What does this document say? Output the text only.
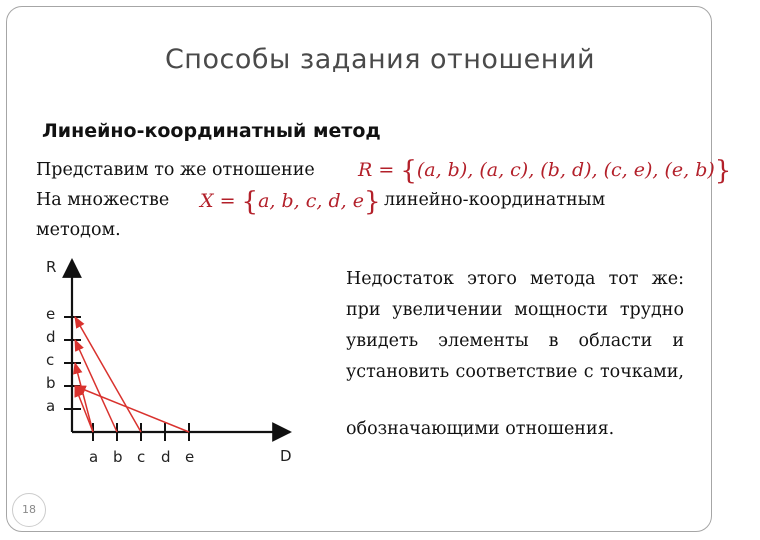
Способы задания отношений
Линейно-координатный метод
Представим то же отношение R = {(a, b), (a, c), (b, d), (c, e), (e, b)}
На множестве X = {a, b, c, d, e} линейно-координатным
методом.
R
D
a b c d e
a
b
c
d
e
Недостаток этого метода тот же: при увеличении мощности трудно увидеть элементы в области и установить соответствие с точками,
обозначающими отношения.
18
